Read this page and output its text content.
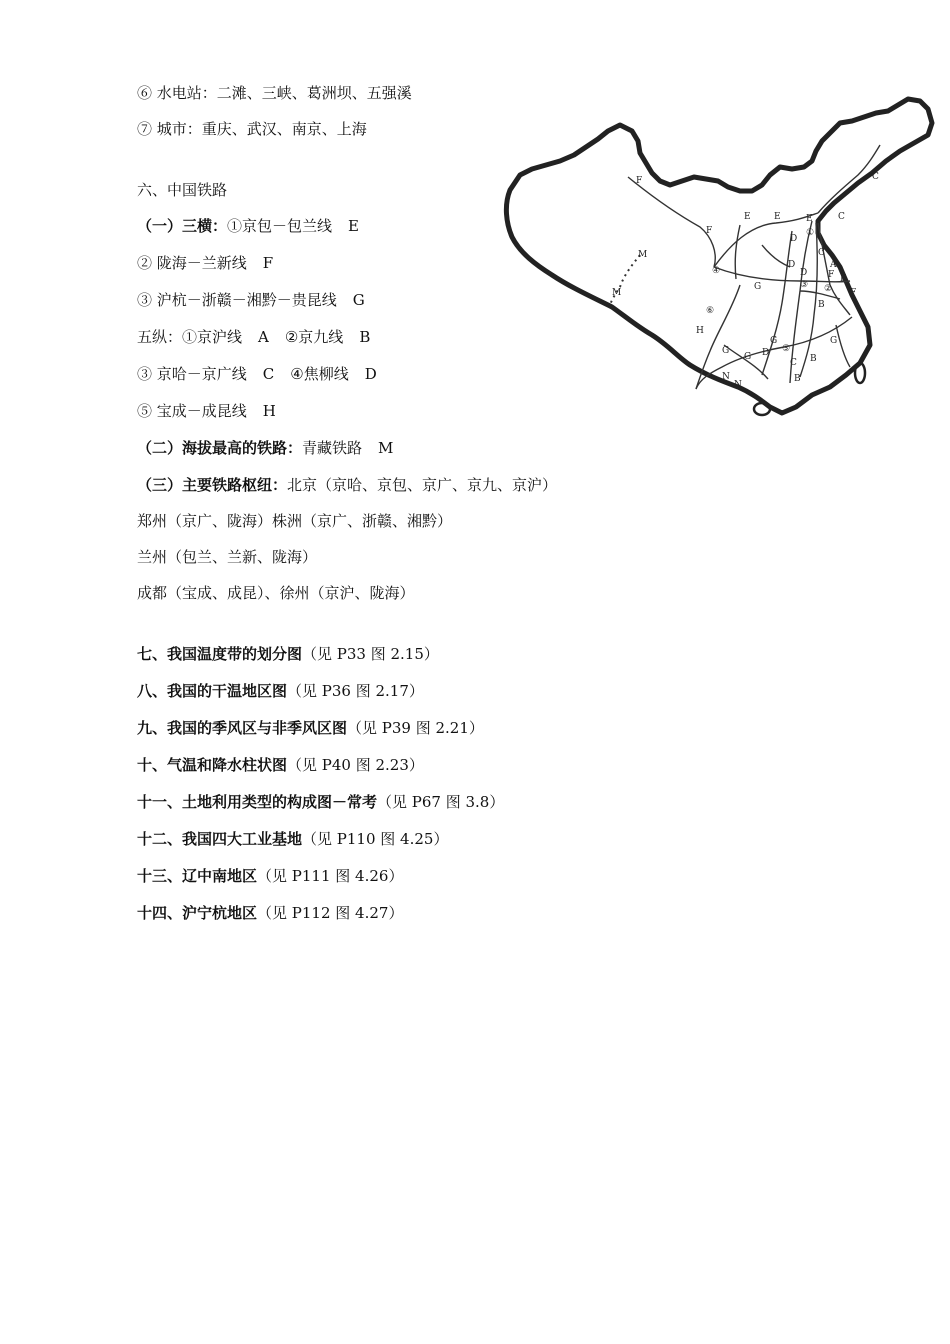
⑥ 水电站：二滩、三峡、葛洲坝、五强溪
⑦ 城市：重庆、武汉、南京、上海
六、中国铁路
（一）三横：①京包－包兰线 E
② 陇海－兰新线 F
③ 沪杭－浙赣－湘黔－贵昆线 G
五纵：①京沪线 A ②京九线 B
③ 京哈－京广线 C ④焦柳线 D
⑤ 宝成－成昆线 H
（二）海拔最高的铁路：青藏铁路 M
（三）主要铁路枢纽：北京（京哈、京包、京广、京九、京沪）
郑州（京广、陇海）株洲（京广、浙赣、湘黔）
兰州（包兰、兰新、陇海）
成都（宝成、成昆）、徐州（京沪、陇海）
七、我国温度带的划分图（见 P33 图 2.15）
八、我国的干温地区图（见 P36 图 2.17）
九、我国的季风区与非季风区图（见 P39 图 2.21）
十、气温和降水柱状图（见 P40 图 2.23）
十一、土地利用类型的构成图－常考（见 P67 图 3.8）
十二、我国四大工业基地（见 P110 图 4.25）
十三、辽中南地区（见 P111 图 4.26）
十四、沪宁杭地区（见 P112 图 4.27）
F
F
E	E	E	C
C
D
D
①
A
F F
M
M
④
⑥
H
③ ②
B
G
G
G
G
⑤
C B
N
N
C
D
A
F
B
G
D
